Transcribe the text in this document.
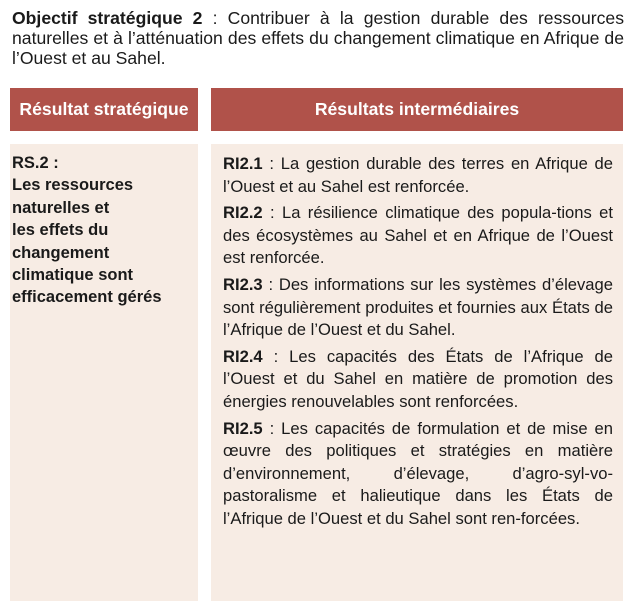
Objectif stratégique 2 : Contribuer à la gestion durable des ressources naturelles et à l’atténuation des effets du changement climatique en Afrique de l’Ouest et au Sahel.
Résultat stratégique	Résultats intermédiaires
RS.2 :
Les ressources
naturelles et
les effets du
changement
climatique sont
efficacement gérés

RI2.1 : La gestion durable des terres en Afrique de l’Ouest et au Sahel est renforcée.

RI2.2 : La résilience climatique des popula-tions et des écosystèmes au Sahel et en Afrique de l’Ouest est renforcée.

RI2.3 : Des informations sur les systèmes d’élevage sont régulièrement produites et fournies aux États de l’Afrique de l’Ouest et du Sahel.

RI2.4 : Les capacités des États de l’Afrique de l’Ouest et du Sahel en matière de promotion des énergies renouvelables sont renforcées.

RI2.5 : Les capacités de formulation et de mise en œuvre des politiques et stratégies en matière d’environnement, d’élevage, d’agro-syl-vo-pastoralisme et halieutique dans les États de l’Afrique de l’Ouest et du Sahel sont ren-forcées.
